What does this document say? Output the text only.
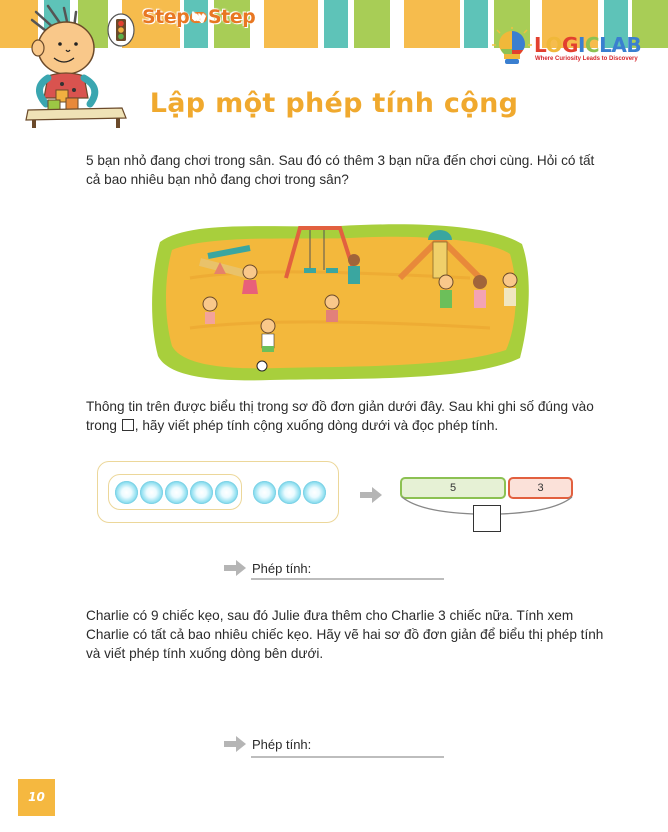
Step by Step
LOGICLAB
Where Curiosity Leads to Discovery
Lập một phép tính cộng

5 bạn nhỏ đang chơi trong sân. Sau đó có thêm 3 bạn nữa đến chơi cùng. Hỏi có tất cả bao nhiêu bạn nhỏ đang chơi trong sân?

Thông tin trên được biểu thị trong sơ đồ đơn giản dưới đây. Sau khi ghi số đúng vào trong , hãy viết phép tính cộng xuống dòng dưới và đọc phép tính.

5	3
Phép tính:

Charlie có 9 chiếc kẹo, sau đó Julie đưa thêm cho Charlie 3 chiếc nữa. Tính xem Charlie có tất cả bao nhiêu chiếc kẹo. Hãy vẽ hai sơ đồ đơn giản để biểu thị phép tính và viết phép tính xuống dòng bên dưới.

Phép tính:
10
